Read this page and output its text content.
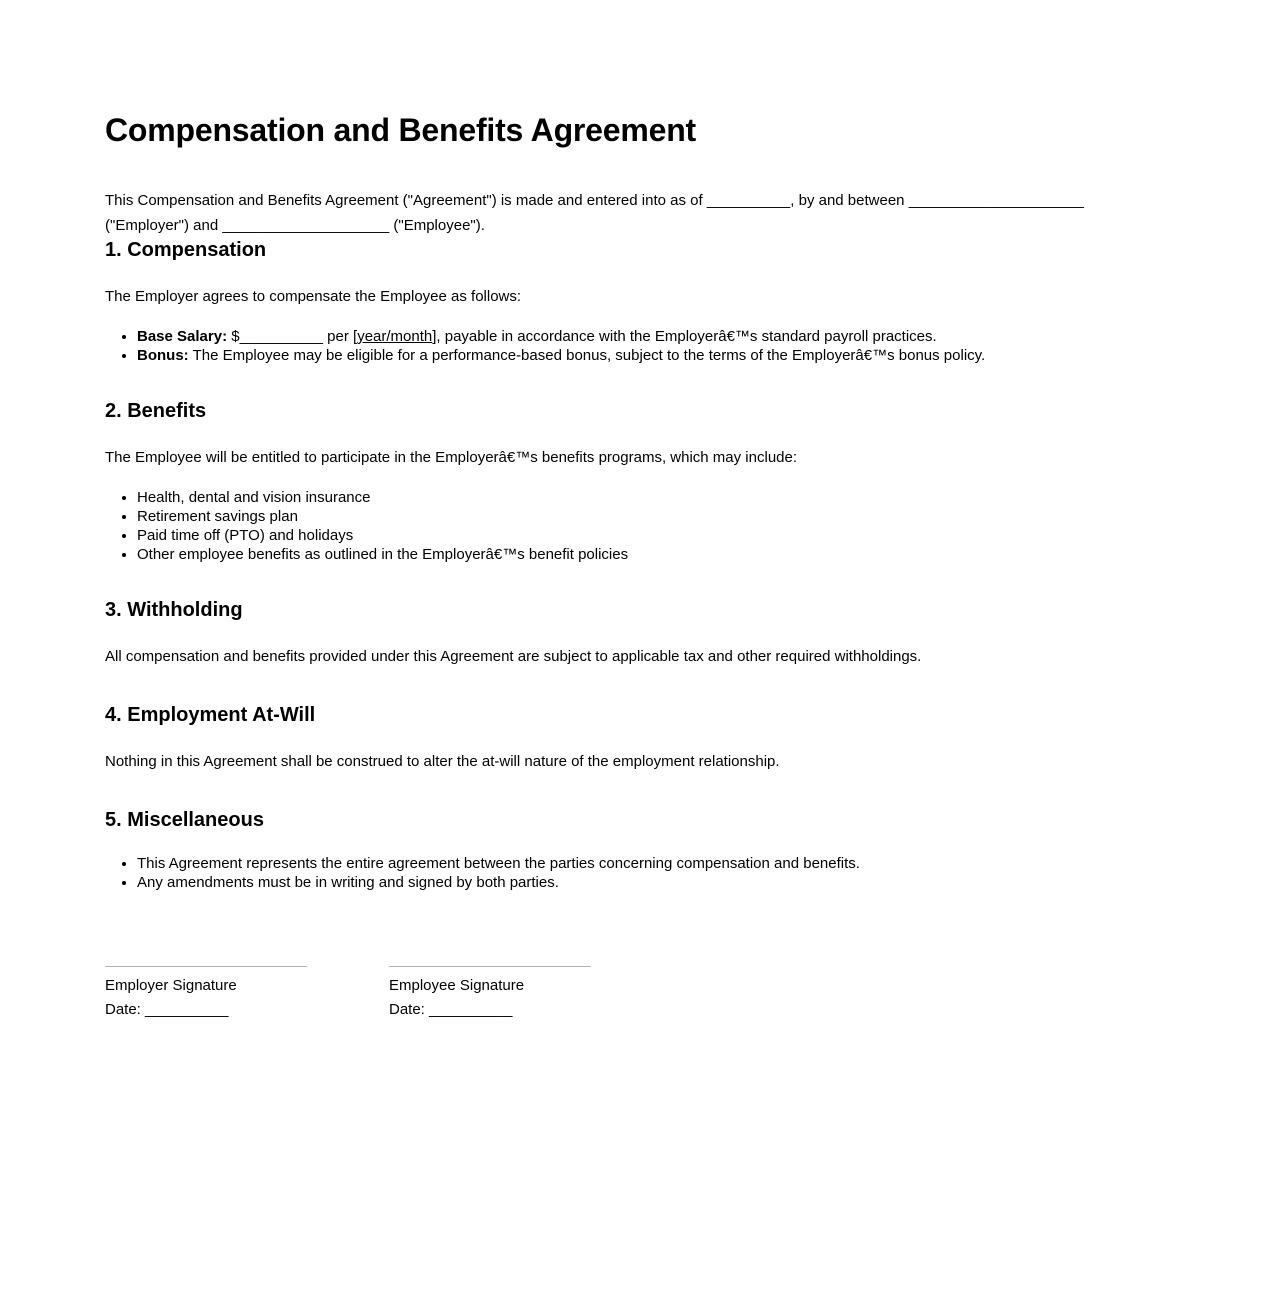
Compensation and Benefits Agreement

This Compensation and Benefits Agreement ("Agreement") is made and entered into as of __________, by and between _____________________ ("Employer") and ____________________ ("Employee").

1. Compensation

The Employer agrees to compensate the Employee as follows:

• Base Salary: $__________ per [year/month], payable in accordance with the Employerâ€™s standard payroll practices.
• Bonus: The Employee may be eligible for a performance-based bonus, subject to the terms of the Employerâ€™s bonus policy.
2. Benefits

The Employee will be entitled to participate in the Employerâ€™s benefits programs, which may include:

• Health, dental and vision insurance
• Retirement savings plan
• Paid time off (PTO) and holidays
• Other employee benefits as outlined in the Employerâ€™s benefit policies
3. Withholding

All compensation and benefits provided under this Agreement are subject to applicable tax and other required withholdings.

4. Employment At-Will

Nothing in this Agreement shall be construed to alter the at-will nature of the employment relationship.

5. Miscellaneous
• This Agreement represents the entire agreement between the parties concerning compensation and benefits.
• Any amendments must be in writing and signed by both parties.
Employer Signature
Date: __________
Employee Signature
Date: __________
